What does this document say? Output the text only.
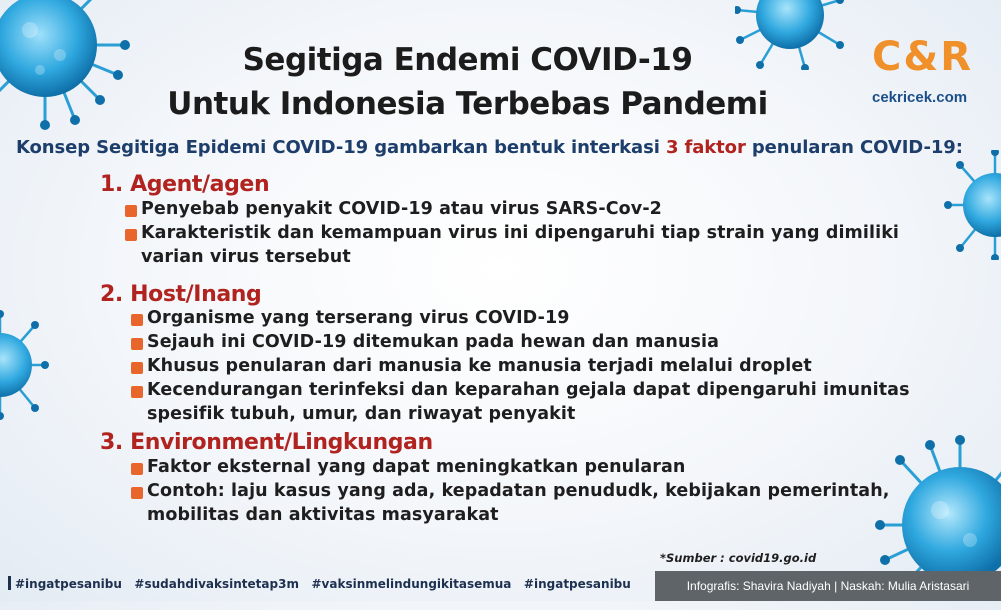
Segitiga Endemi COVID-19
Untuk Indonesia Terbebas Pandemi
C&R
cekricek.com
Konsep Segitiga Epidemi COVID-19 gambarkan bentuk interkasi 3 faktor penularan COVID-19:
1. Agent/agen
Penyebab penyakit COVID-19 atau virus SARS-Cov-2
Karakteristik dan kemampuan virus ini dipengaruhi tiap strain yang dimiliki
varian virus tersebut
2. Host/Inang
Organisme yang terserang virus COVID-19
Sejauh ini COVID-19 ditemukan pada hewan dan manusia
Khusus penularan dari manusia ke manusia terjadi melalui droplet
Kecendurangan terinfeksi dan keparahan gejala dapat dipengaruhi imunitas
spesifik tubuh, umur, dan riwayat penyakit
3. Environment/Lingkungan
Faktor eksternal yang dapat meningkatkan penularan
Contoh: laju kasus yang ada, kepadatan penududk, kebijakan pemerintah,
mobilitas dan aktivitas masyarakat
*Sumber : covid19.go.id
#ingatpesanibu   #sudahdivaksintetap3m   #vaksinmelindungikitasemua   #ingatpesanibu	Infografis: Shavira Nadiyah | Naskah: Mulia Aristasari
